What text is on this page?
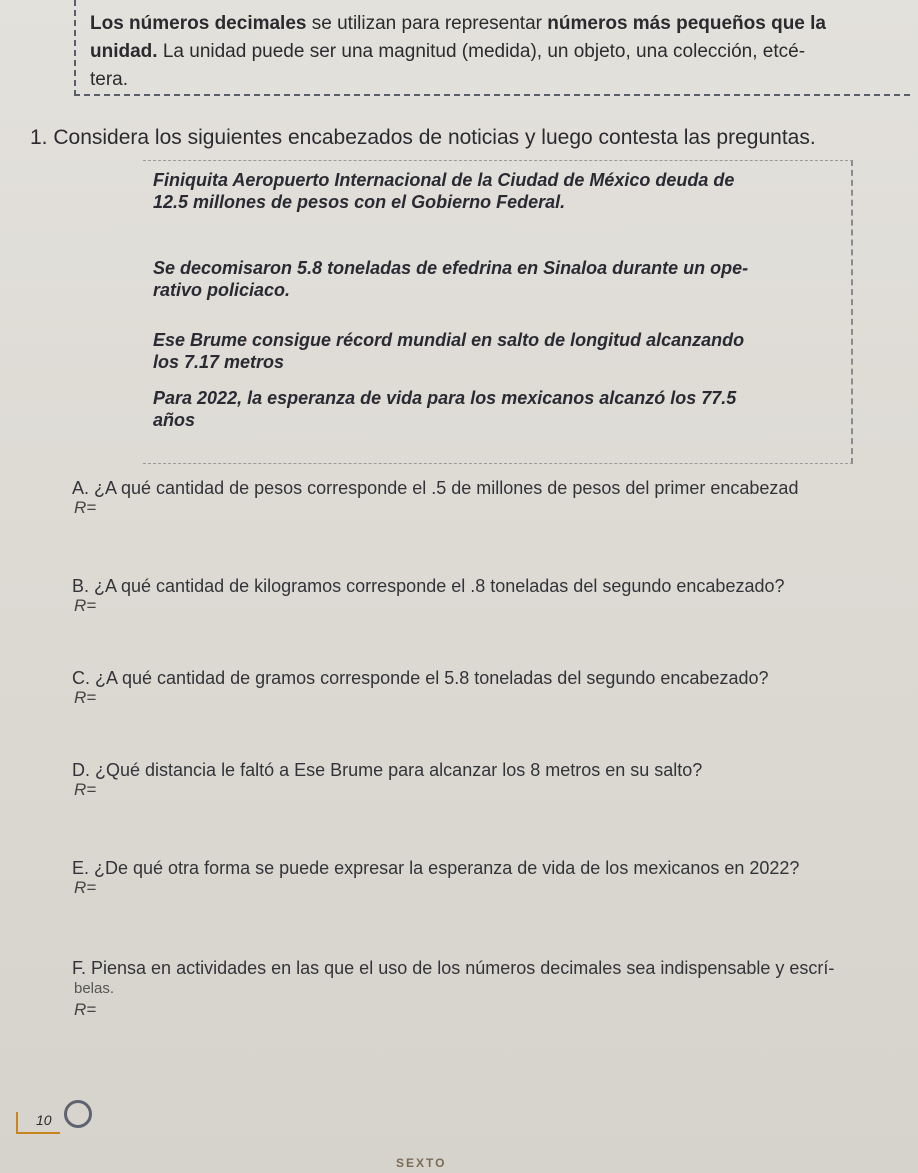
Los números decimales se utilizan para representar números más pequeños que la
unidad. La unidad puede ser una magnitud (medida), un objeto, una colección, etcé-
tera.
1. Considera los siguientes encabezados de noticias y luego contesta las preguntas.
Finiquita Aeropuerto Internacional de la Ciudad de México deuda de
12.5 millones de pesos con el Gobierno Federal.
Se decomisaron 5.8 toneladas de efedrina en Sinaloa durante un ope-
rativo policiaco.
Ese Brume consigue récord mundial en salto de longitud alcanzando
los 7.17 metros
Para 2022, la esperanza de vida para los mexicanos alcanzó los 77.5
años
A. ¿A qué cantidad de pesos corresponde el .5 de millones de pesos del primer encabezad
R=
B. ¿A qué cantidad de kilogramos corresponde el .8 toneladas del segundo encabezado?
R=
C. ¿A qué cantidad de gramos corresponde el 5.8 toneladas del segundo encabezado?
R=
D. ¿Qué distancia le faltó a Ese Brume para alcanzar los 8 metros en su salto?
R=
E. ¿De qué otra forma se puede expresar la esperanza de vida de los mexicanos en 2022?
R=
F. Piensa en actividades en las que el uso de los números decimales sea indispensable y escrí-
belas.
R=
10
SEXTO
